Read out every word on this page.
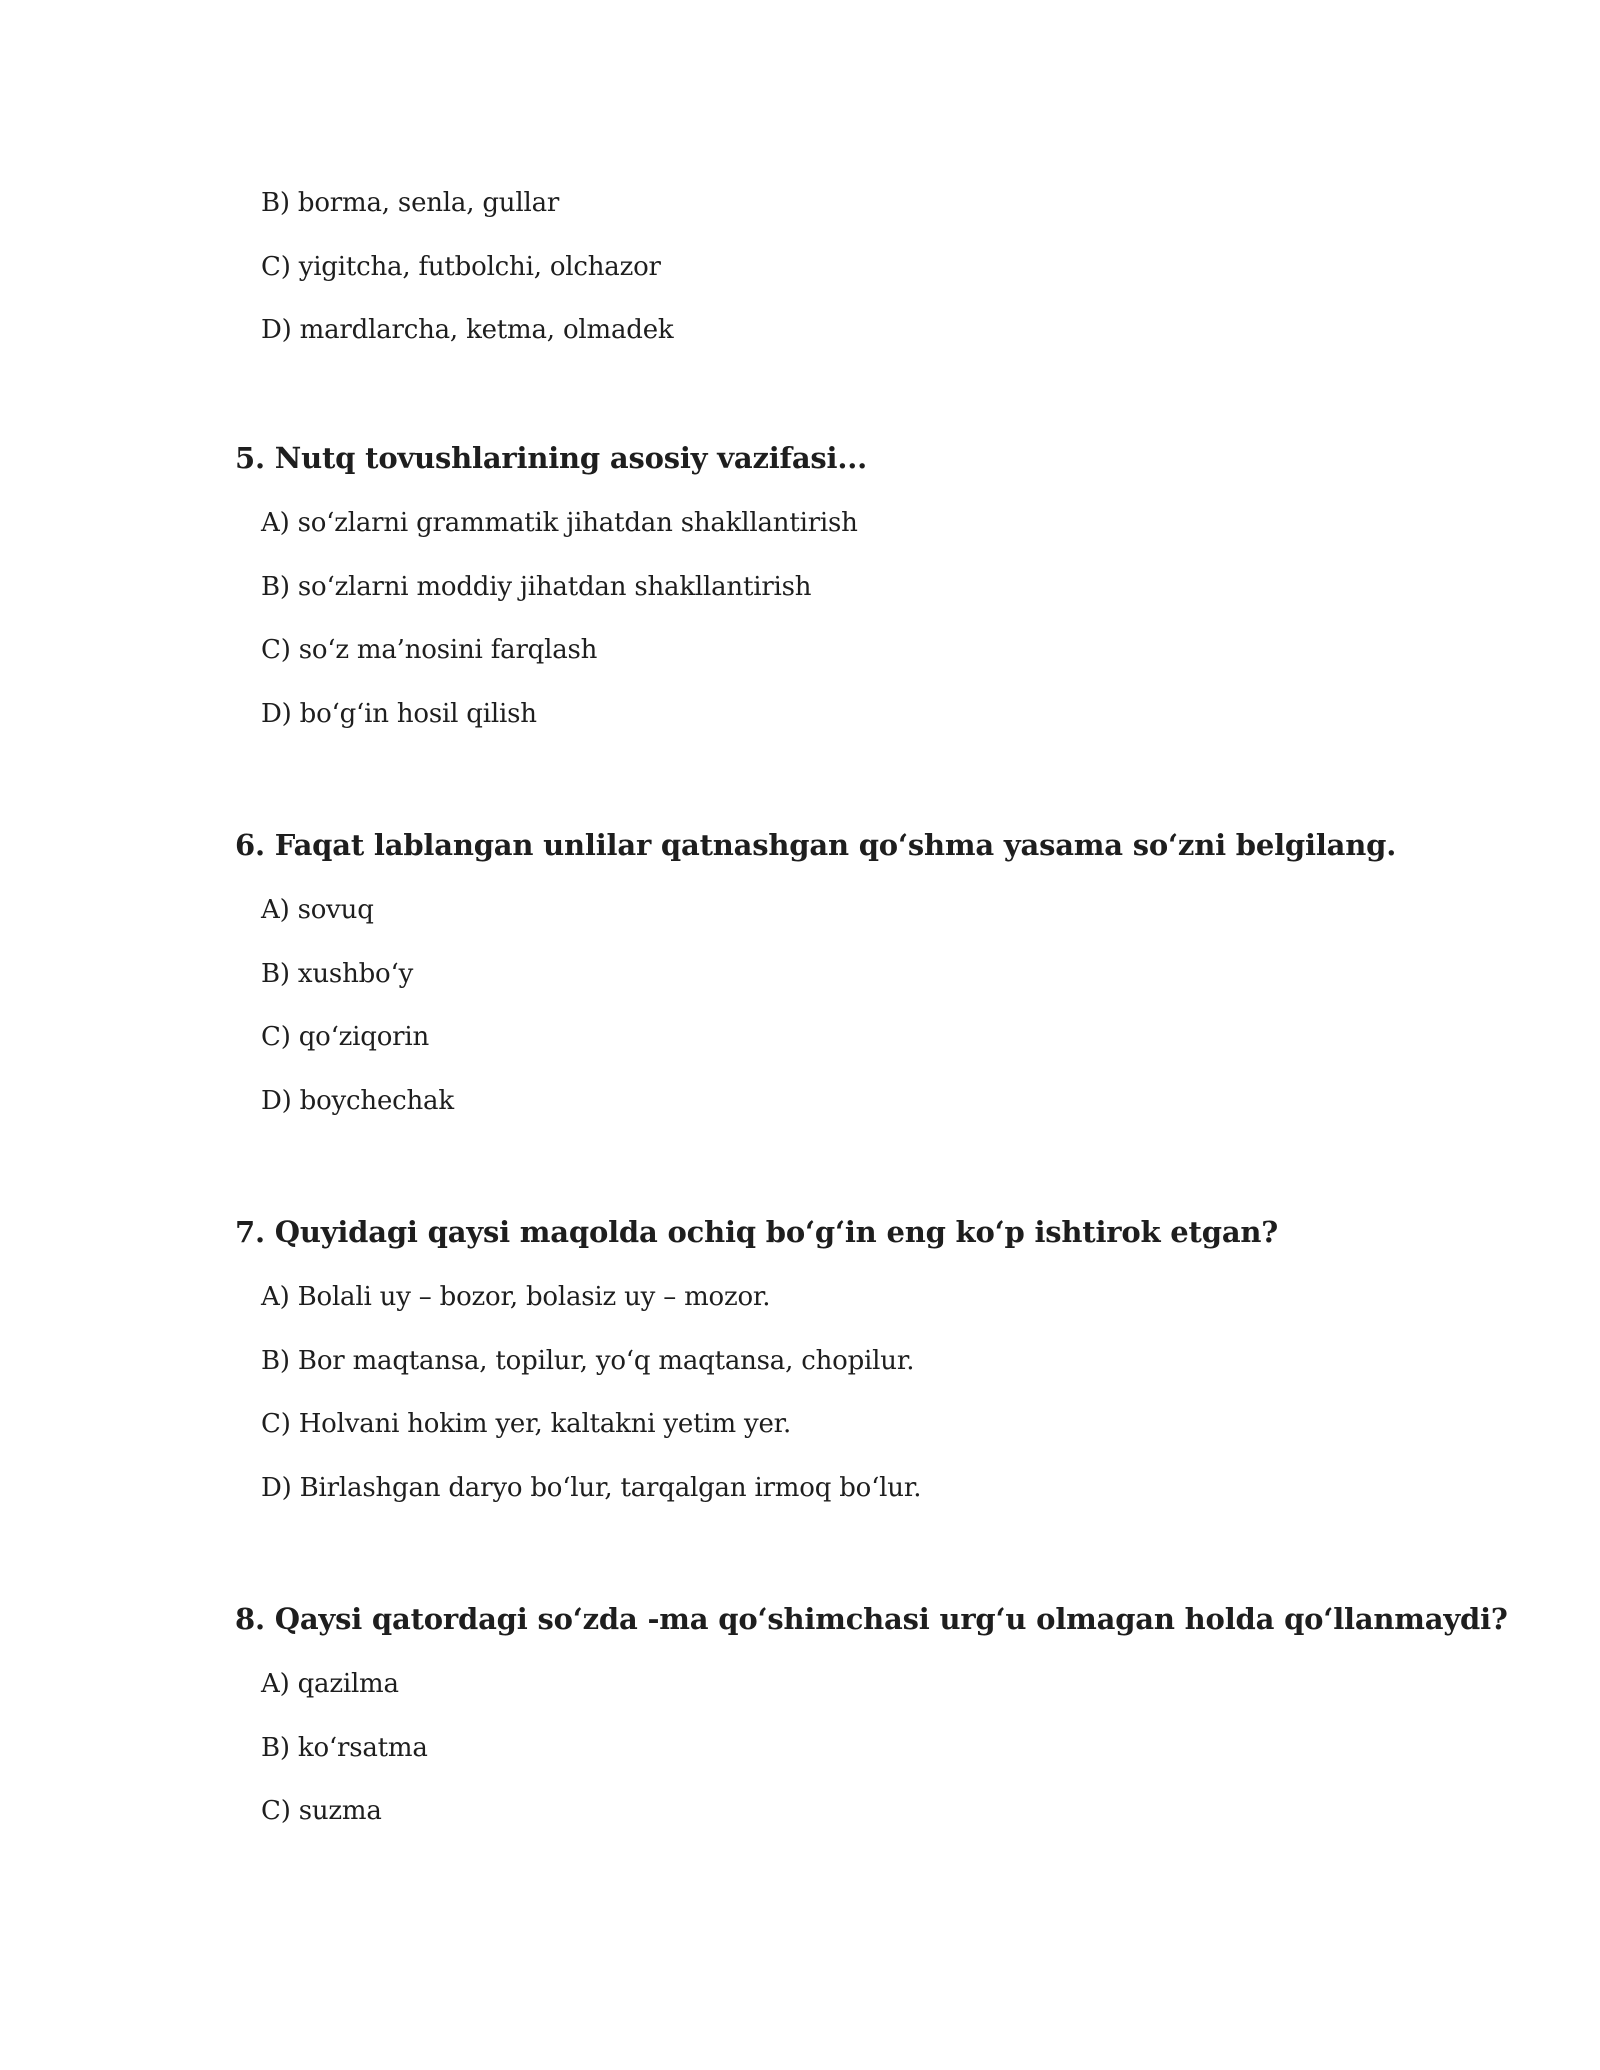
B) borma, senla, gullar
C) yigitcha, futbolchi, olchazor
D) mardlarcha, ketma, olmadek
5. Nutq tovushlarining asosiy vazifasi...
A) so‘zlarni grammatik jihatdan shakllantirish
B) so‘zlarni moddiy jihatdan shakllantirish
C) so‘z ma’nosini farqlash
D) bo‘g‘in hosil qilish
6. Faqat lablangan unlilar qatnashgan qo‘shma yasama so‘zni belgilang.
A) sovuq
B) xushbo‘y
C) qo‘ziqorin
D) boychechak
7. Quyidagi qaysi maqolda ochiq bo‘g‘in eng ko‘p ishtirok etgan?
A) Bolali uy – bozor, bolasiz uy – mozor.
B) Bor maqtansa, topilur, yo‘q maqtansa, chopilur.
C) Holvani hokim yer, kaltakni yetim yer.
D) Birlashgan daryo bo‘lur, tarqalgan irmoq bo‘lur.
8. Qaysi qatordagi so‘zda -ma qo‘shimchasi urg‘u olmagan holda qo‘llanmaydi?
A) qazilma
B) ko‘rsatma
C) suzma
